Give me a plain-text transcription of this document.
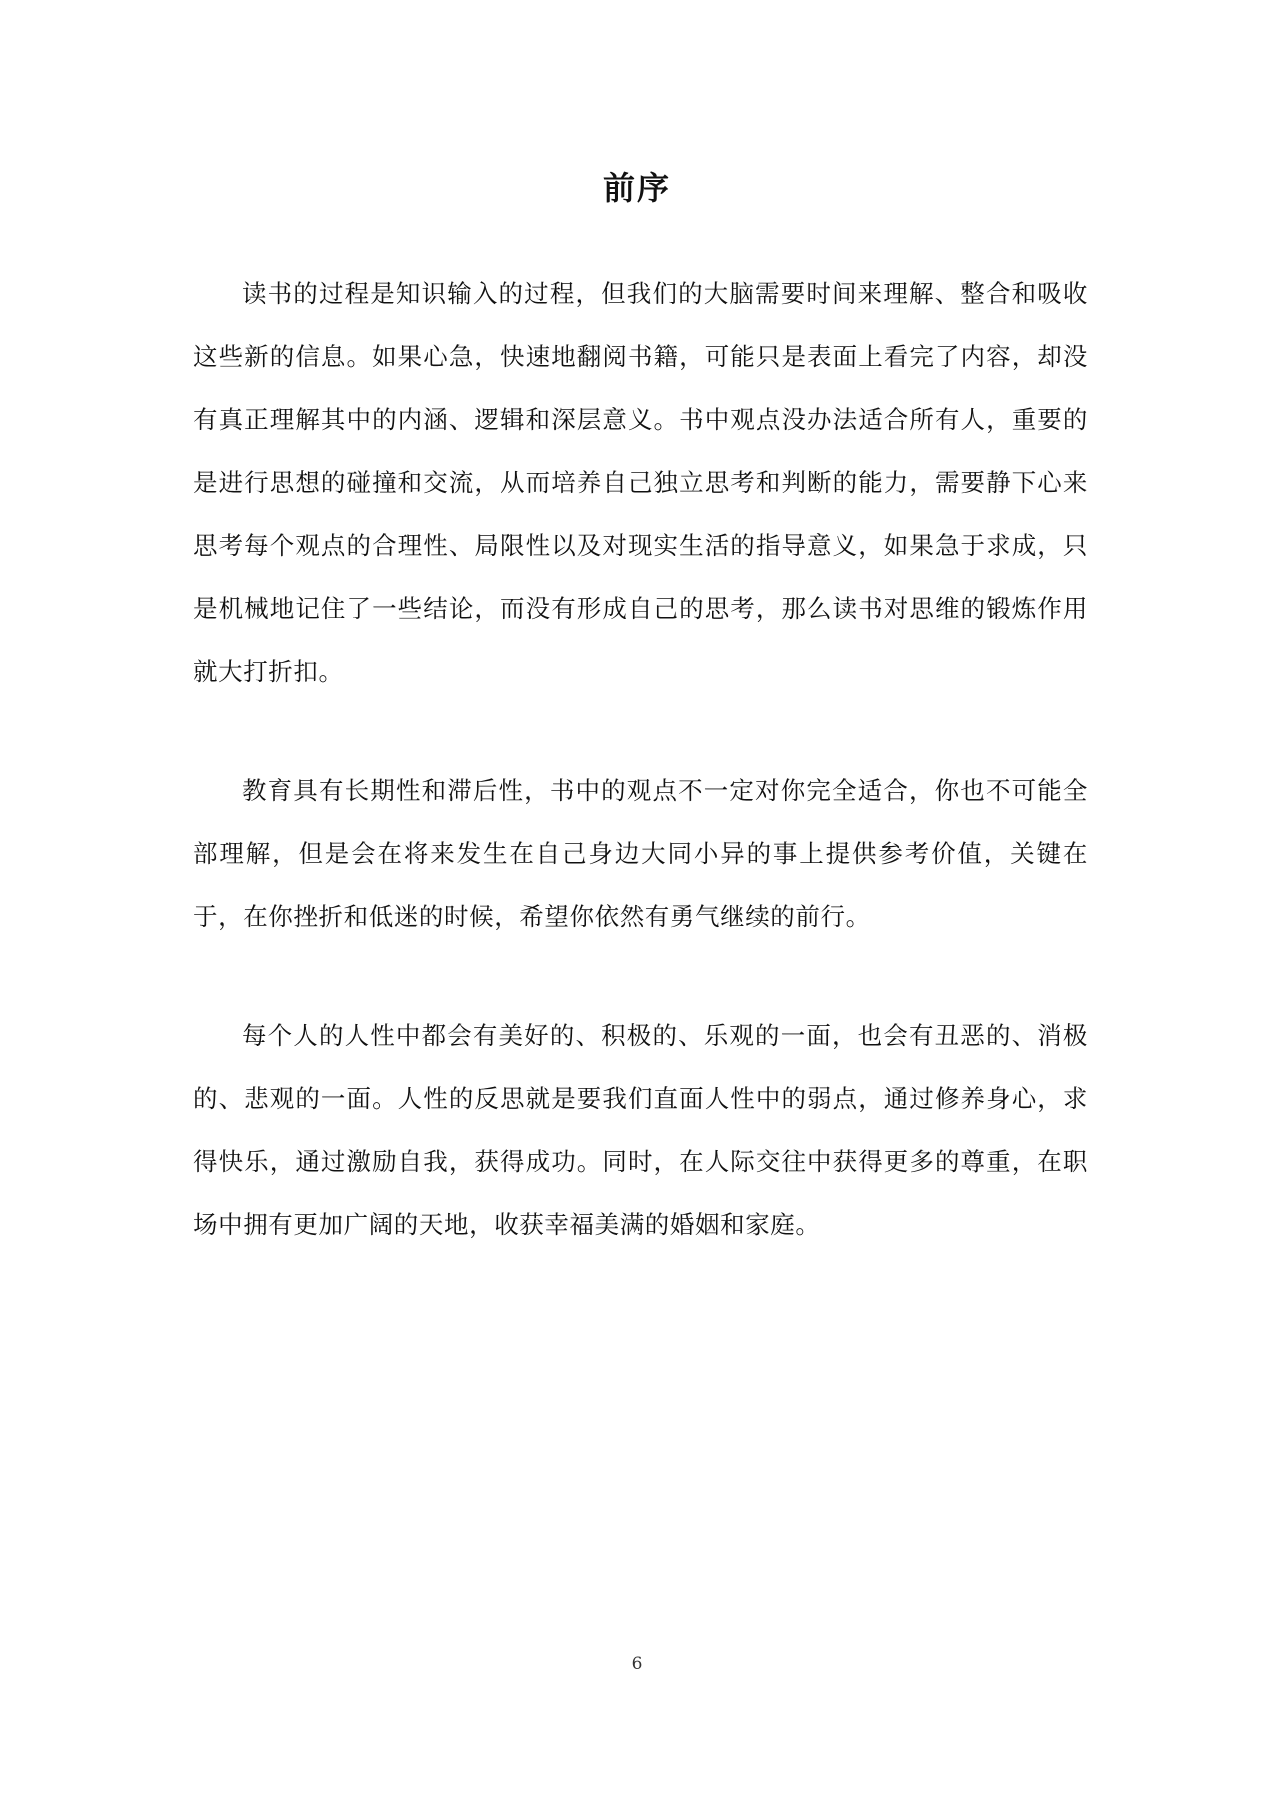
前序

读书的过程是知识输入的过程，但我们的大脑需要时间来理解、整合和吸收这些新的信息。如果心急，快速地翻阅书籍，可能只是表面上看完了内容，却没有真正理解其中的内涵、逻辑和深层意义。书中观点没办法适合所有人，重要的是进行思想的碰撞和交流，从而培养自己独立思考和判断的能力，需要静下心来思考每个观点的合理性、局限性以及对现实生活的指导意义，如果急于求成，只是机械地记住了一些结论，而没有形成自己的思考，那么读书对思维的锻炼作用就大打折扣。

教育具有长期性和滞后性，书中的观点不一定对你完全适合，你也不可能全部理解，但是会在将来发生在自己身边大同小异的事上提供参考价值，关键在于，在你挫折和低迷的时候，希望你依然有勇气继续的前行。

每个人的人性中都会有美好的、积极的、乐观的一面，也会有丑恶的、消极的、悲观的一面。人性的反思就是要我们直面人性中的弱点，通过修养身心，求得快乐，通过激励自我，获得成功。同时，在人际交往中获得更多的尊重，在职场中拥有更加广阔的天地，收获幸福美满的婚姻和家庭。

6
